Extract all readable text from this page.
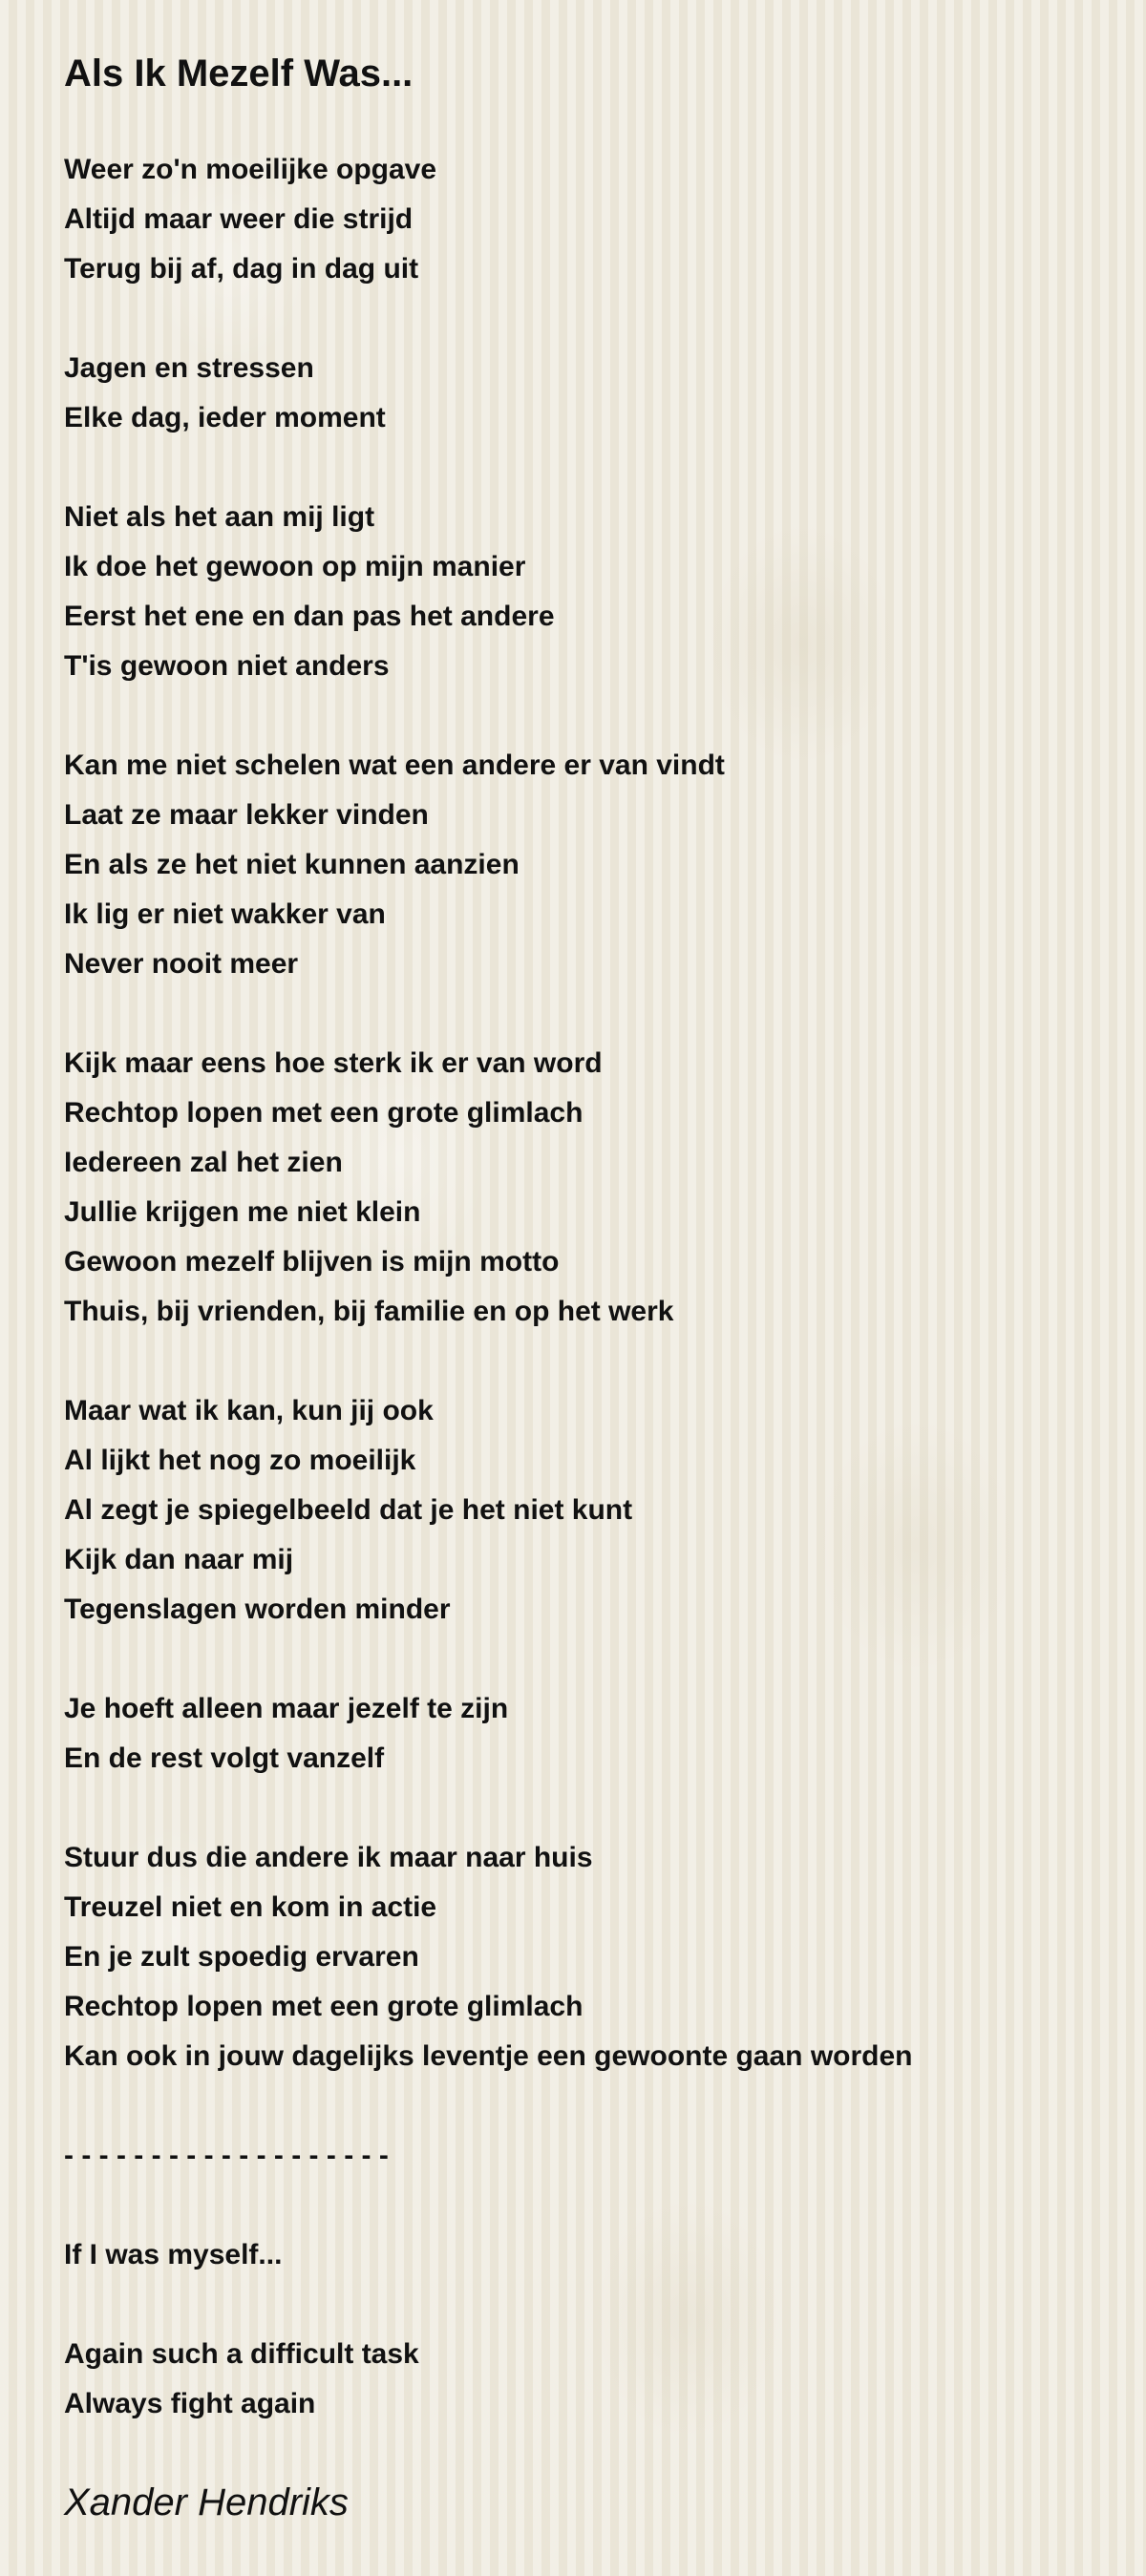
Als Ik Mezelf Was...
Weer zo'n moeilijke opgave
Altijd maar weer die strijd
Terug bij af, dag in dag uit
Jagen en stressen
Elke dag, ieder moment
Niet als het aan mij ligt
Ik doe het gewoon op mijn manier
Eerst het ene en dan pas het andere
T'is gewoon niet anders
Kan me niet schelen wat een andere er van vindt
Laat ze maar lekker vinden
En als ze het niet kunnen aanzien
Ik lig er niet wakker van
Never nooit meer
Kijk maar eens hoe sterk ik er van word
Rechtop lopen met een grote glimlach
Iedereen zal het zien
Jullie krijgen me niet klein
Gewoon mezelf blijven is mijn motto
Thuis, bij vrienden, bij familie en op het werk
Maar wat ik kan, kun jij ook
Al lijkt het nog zo moeilijk
Al zegt je spiegelbeeld dat je het niet kunt
Kijk dan naar mij
Tegenslagen worden minder
Je hoeft alleen maar jezelf te zijn
En de rest volgt vanzelf
Stuur dus die andere ik maar naar huis
Treuzel niet en kom in actie
En je zult spoedig ervaren
Rechtop lopen met een grote glimlach
Kan ook in jouw dagelijks leventje een gewoonte gaan worden
- - - - - - - - - - - - - - - - - - -
If I was myself...
Again such a difficult task
Always fight again
Xander Hendriks
